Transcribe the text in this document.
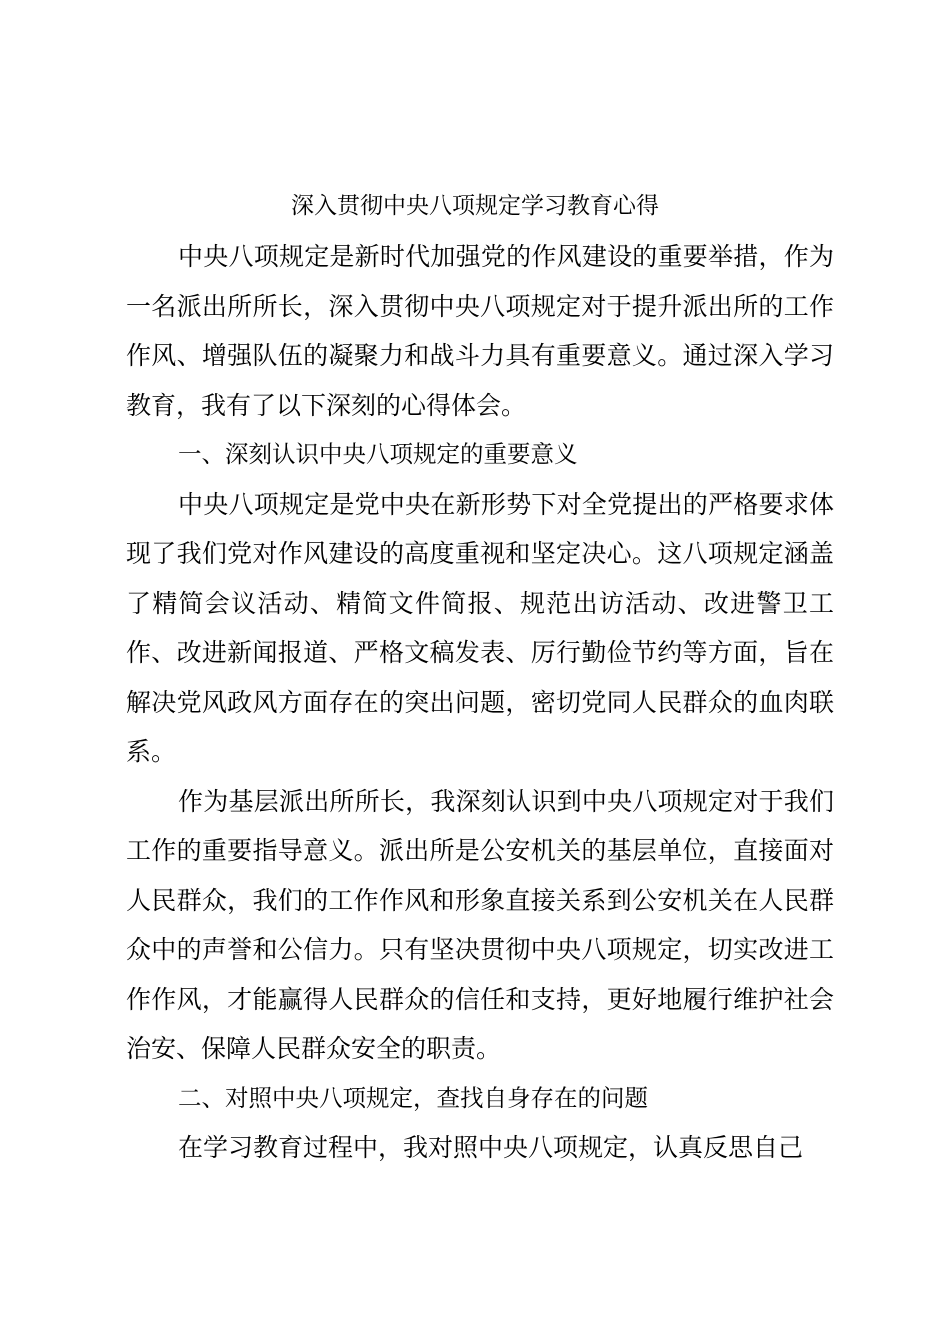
深入贯彻中央八项规定学习教育心得

中央八项规定是新时代加强党的作风建设的重要举措，作为一名派出所所长，深入贯彻中央八项规定对于提升派出所的工作作风、增强队伍的凝聚力和战斗力具有重要意义。通过深入学习教育，我有了以下深刻的心得体会。

一、深刻认识中央八项规定的重要意义

中央八项规定是党中央在新形势下对全党提出的严格要求体现了我们党对作风建设的高度重视和坚定决心。这八项规定涵盖了精简会议活动、精简文件简报、规范出访活动、改进警卫工作、改进新闻报道、严格文稿发表、厉行勤俭节约等方面，旨在解决党风政风方面存在的突出问题，密切党同人民群众的血肉联系。

作为基层派出所所长，我深刻认识到中央八项规定对于我们工作的重要指导意义。派出所是公安机关的基层单位，直接面对人民群众，我们的工作作风和形象直接关系到公安机关在人民群众中的声誉和公信力。只有坚决贯彻中央八项规定，切实改进工作作风，才能赢得人民群众的信任和支持，更好地履行维护社会治安、保障人民群众安全的职责。

二、对照中央八项规定，查找自身存在的问题

在学习教育过程中，我对照中央八项规定，认真反思自己
